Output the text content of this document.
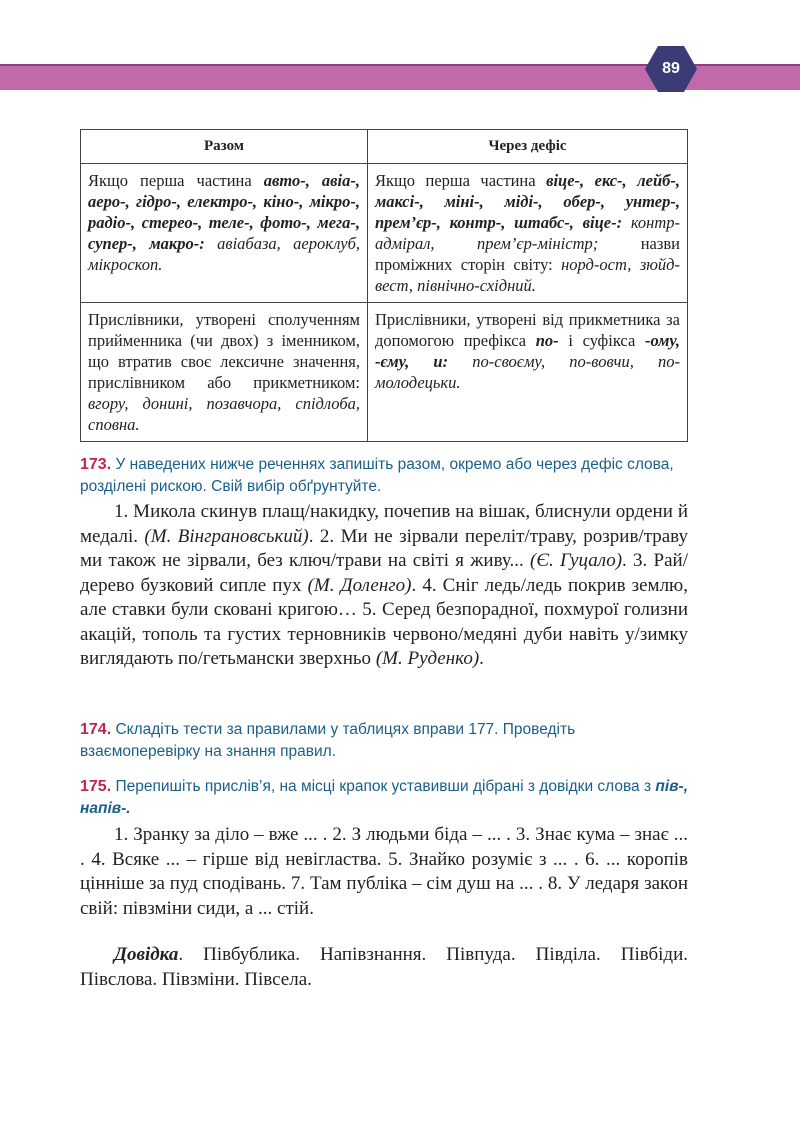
89
Разом	Через дефіс
Якщо перша частина авто-, авіа-, аеро-, гідро-, електро-, кіно-, мікро-, радіо-, стерео-, теле-, фото-, мега-, супер-, макро-: авіабаза, аероклуб, мікроскоп.	Якщо перша частина віце-, екс-, лейб-, максі-, міні-, міді-, обер-, унтер-, прем’єр-, контр-, штабс-, віце-: контр-адмірал, прем’єр-міністр; назви проміжних сторін світу: норд-ост, зюйд-вест, північно-східний.
Прислівники, утворені сполученням прийменника (чи двох) з іменником, що втратив своє лексичне значення, прислівником або прикметником: вгору, донині, позавчора, спідлоба, сповна.	Прислівники, утворені від прикметника за допомогою префікса по- і суфікса -ому, -єму, и: по-своєму, по-вовчи, по-молодецьки.
173. У наведених нижче реченнях запишіть разом, окремо або через дефіс слова, розділені рискою. Свій вибір обґрунтуйте.

1. Микола скинув плащ/накидку, почепив на вішак, блиснули ордени й медалі. (М. Вінграновський). 2. Ми не зірвали переліт/траву, розрив/траву ми також не зірвали, без ключ/трави на світі я живу... (Є. Гуцало). 3. Рай/дерево бузковий сипле пух (М. Доленго). 4. Сніг ледь/ледь покрив землю, але ставки були сковані кригою… 5. Серед безпорадної, похмурої голизни акацій, тополь та густих терновників червоно/медяні дуби навіть у/зимку виглядають по/гетьмански зверхньо (М. Руденко).

174. Складіть тести за правилами у таблицях вправи 177. Проведіть взаємоперевірку на знання правил.
175. Перепишіть прислів’я, на місці крапок уставивши дібрані з довідки слова з пів-, напів-.

1. Зранку за діло – вже ... . 2. З людьми біда – ... . 3. Знає кума – знає ... . 4. Всяке ... – гірше від невігластва. 5. Знайко розуміє з ... . 6. ... коропів цінніше за пуд сподівань. 7. Там публіка – сім душ на ... . 8. У ледаря закон свій: півзміни сиди, а ... стій.

Довідка. Півбублика. Напівзнання. Півпуда. Півділа. Півбіди. Півслова. Півзміни. Півсела.
